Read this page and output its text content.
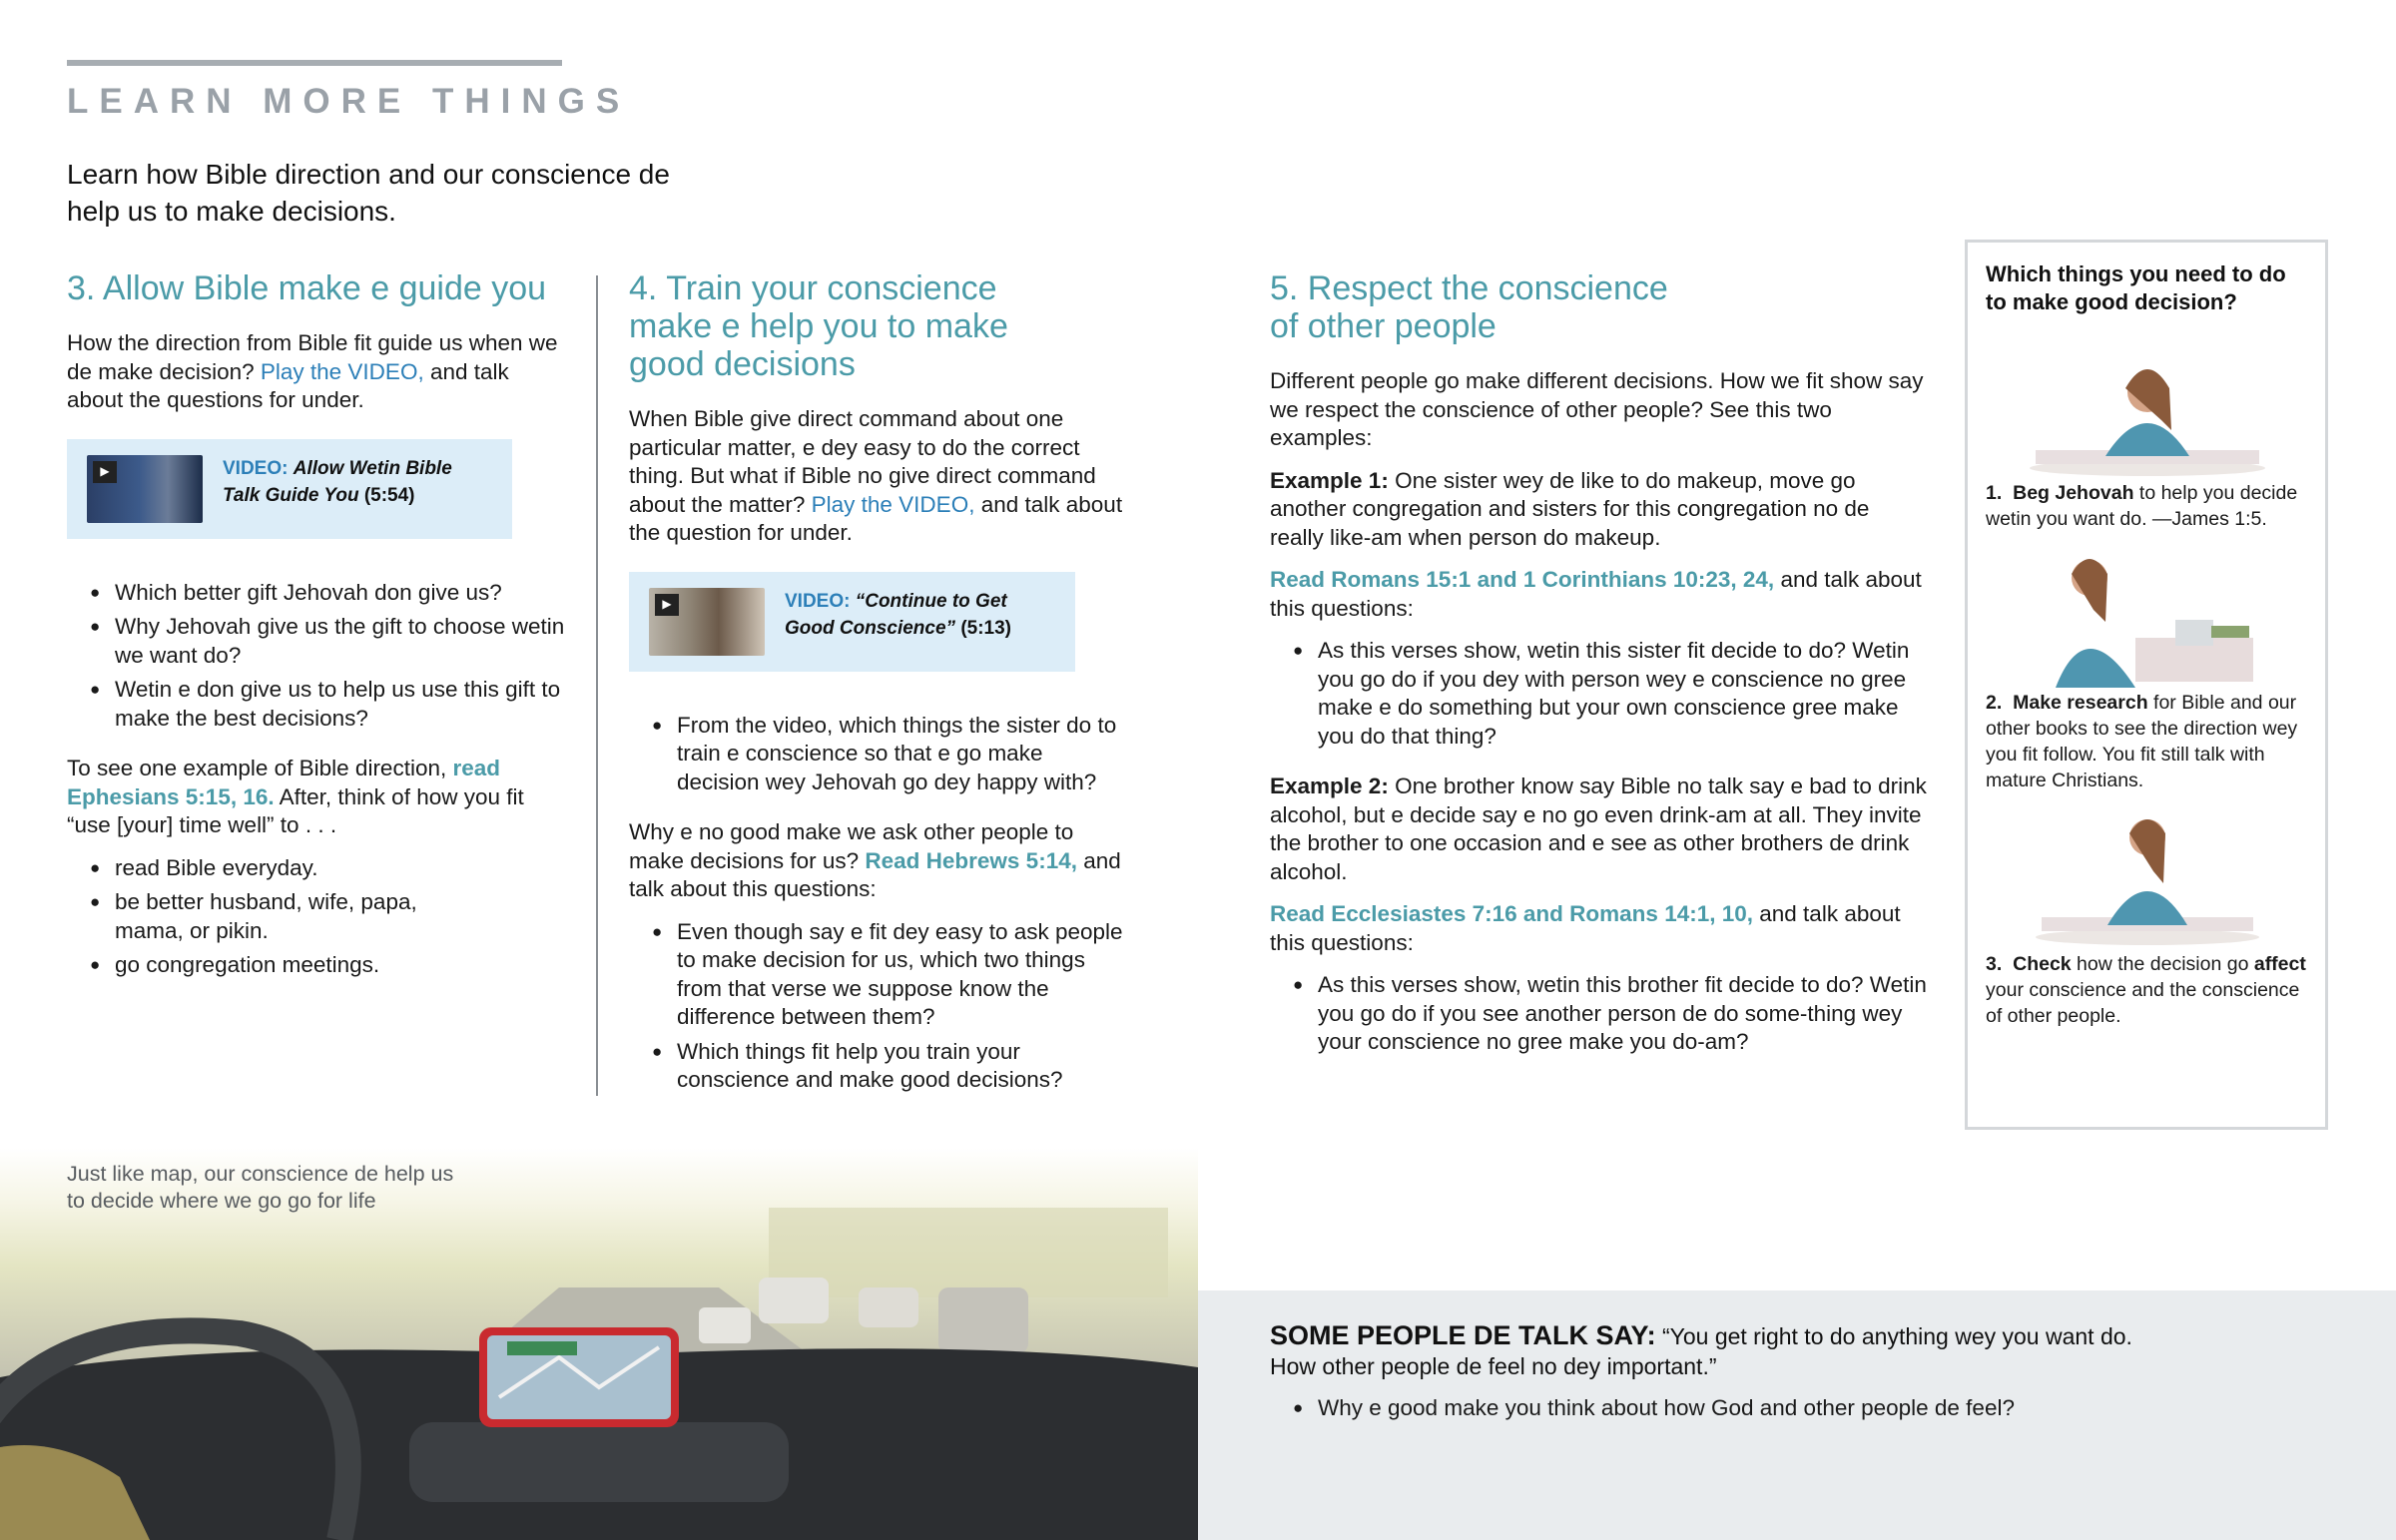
LEARN MORE THINGS
Learn how Bible direction and our conscience de
help us to make decisions.
3. Allow Bible make e guide you

How the direction from Bible fit guide us when we de make decision? Play the VIDEO, and talk about the questions for under.

▶	VIDEO: Allow Wetin Bible Talk Guide You (5:54)
● Which better gift Jehovah don give us?
● Why Jehovah give us the gift to choose wetin we want do?
● Wetin e don give us to help us use this gift to make the best decisions?

To see one example of Bible direction, read Ephesians 5:15, 16. After, think of how you fit “use [your] time well” to . . .

● read Bible everyday.
● be better husband, wife, papa, mama, or pikin.
● go congregation meetings.
4. Train your conscience make e help you to make good decisions

When Bible give direct command about one particular matter, e dey easy to do the correct thing. But what if Bible no give direct command about the matter? Play the VIDEO, and talk about the question for under.

▶	VIDEO: “Continue to Get Good Conscience” (5:13)
● From the video, which things the sister do to train e conscience so that e go make decision wey Jehovah go dey happy with?

Why e no good make we ask other people to make decisions for us? Read Hebrews 5:14, and talk about this questions:

● Even though say e fit dey easy to ask people to make decision for us, which two things from that verse we suppose know the difference between them?
● Which things fit help you train your conscience and make good decisions?
5. Respect the conscience of other people

Different people go make different decisions. How we fit show say we respect the conscience of other people? See this two examples:

Example 1: One sister wey de like to do makeup, move go another congregation and sisters for this congregation no de really like-am when person do makeup.

Read Romans 15:1 and 1 Corinthians 10:23, 24, and talk about this questions:

● As this verses show, wetin this sister fit decide to do? Wetin you go do if you dey with person wey e conscience no gree make e do something but your own conscience gree make you do that thing?

Example 2: One brother know say Bible no talk say e bad to drink alcohol, but e decide say e no go even drink-am at all. They invite the brother to one occasion and e see as other brothers de drink alcohol.

Read Ecclesiastes 7:16 and Romans 14:1, 10, and talk about this questions:

● As this verses show, wetin this brother fit decide to do? Wetin you go do if you see another person de do some-thing wey your conscience no gree make you do-am?
Which things you need to do to make good decision?
1. Beg Jehovah to help you decide wetin you want do. —James 1:5.
2. Make research for Bible and our other books to see the direction wey you fit follow. You fit still talk with mature Christians.
3. Check how the decision go affect your conscience and the conscience of other people.
Just like map, our conscience de help us
to decide where we go go for life
SOME PEOPLE DE TALK SAY: “You get right to do anything wey you want do. How other people de feel no dey important.”
● Why e good make you think about how God and other people de feel?
